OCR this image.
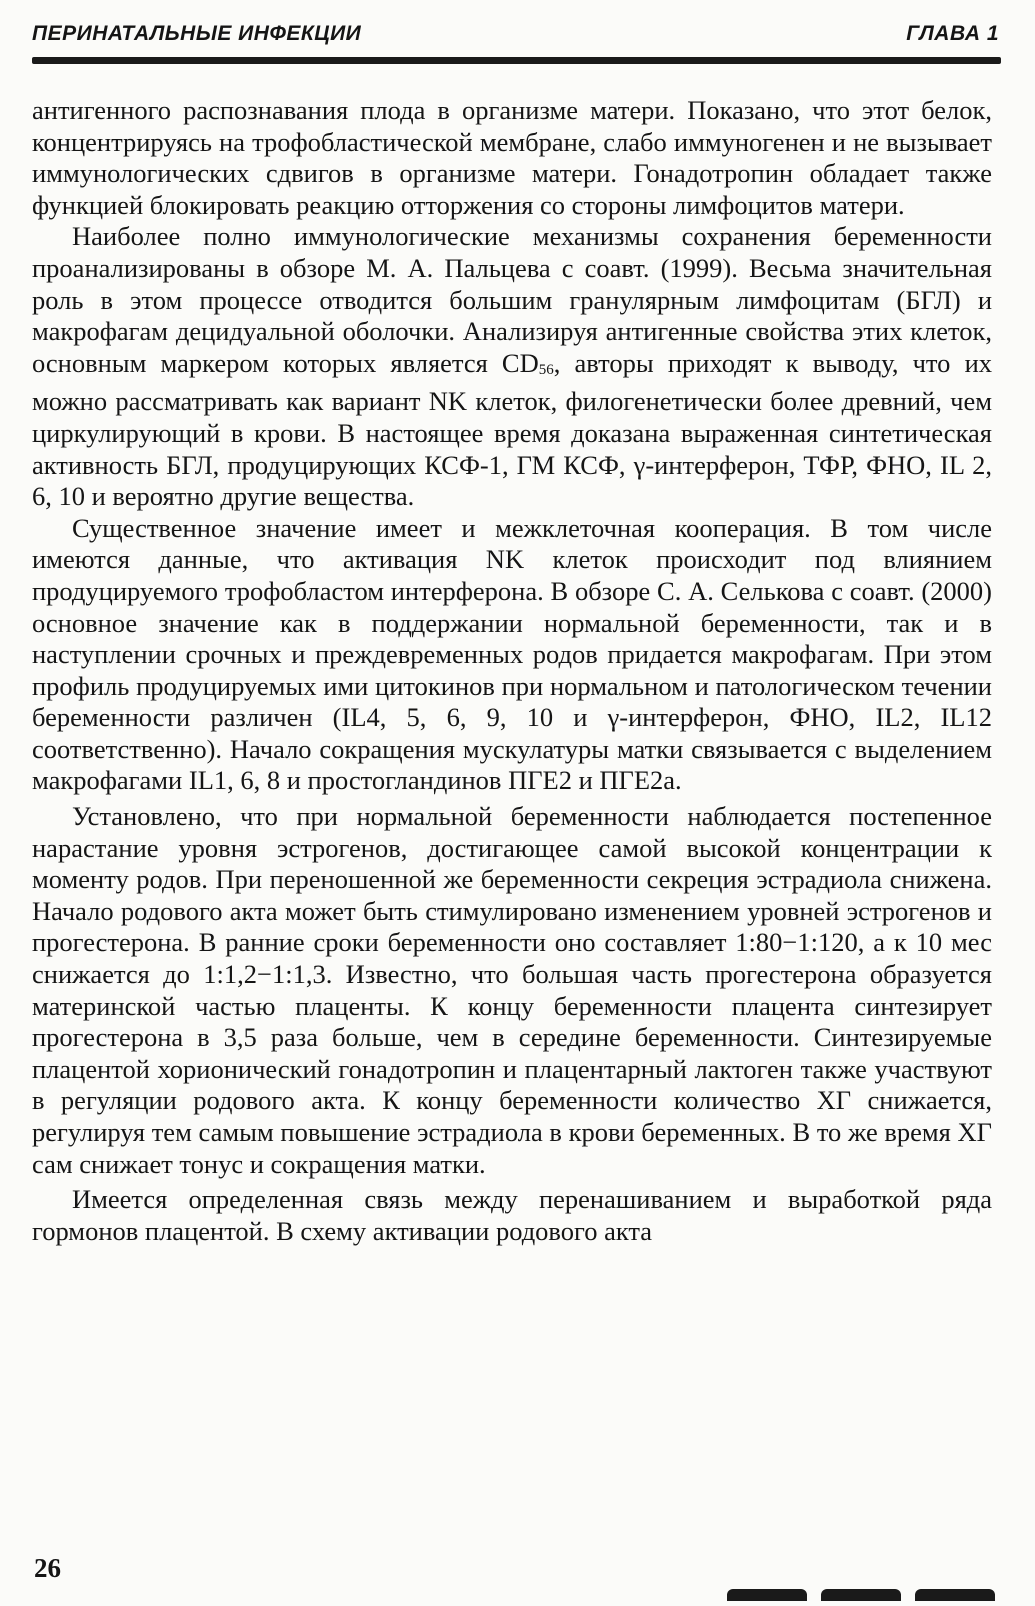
ПЕРИНАТАЛЬНЫЕ ИНФЕКЦИИ	ГЛАВА 1

антигенного распознавания плода в организме матери. Показано, что этот белок, концентрируясь на трофобластической мембране, слабо иммуногенен и не вызывает иммунологических сдвигов в организме матери. Гонадотропин обладает также функцией блокировать реакцию отторжения со стороны лимфоцитов матери.

Наиболее полно иммунологические механизмы сохранения беременности проанализированы в обзоре М. А. Пальцева с соавт. (1999). Весьма значительная роль в этом процессе отводится большим гранулярным лимфоцитам (БГЛ) и макрофагам децидуальной оболочки. Анализируя антигенные свойства этих клеток, основным маркером которых является CD56, авторы приходят к выводу, что их можно рассматривать как вариант NK клеток, филогенетически более древний, чем циркулирующий в крови. В настоящее время доказана выраженная синтетическая активность БГЛ, продуцирующих КСФ-1, ГМ КСФ, γ-интерферон, ТФР, ФНО, IL 2, 6, 10 и вероятно другие вещества.

Существенное значение имеет и межклеточная кооперация. В том числе имеются данные, что активация NK клеток происходит под влиянием продуцируемого трофобластом интерферона. В обзоре С. А. Селькова с соавт. (2000) основное значение как в поддержании нормальной беременности, так и в наступлении срочных и преждевременных родов придается макрофагам. При этом профиль продуцируемых ими цитокинов при нормальном и патологическом течении беременности различен (IL4, 5, 6, 9, 10 и γ-интерферон, ФНО, IL2, IL12 соответственно). Начало сокращения мускулатуры матки связывается с выделением макрофагами IL1, 6, 8 и простогландинов ПГЕ2 и ПГЕ2а.

Установлено, что при нормальной беременности наблюдается постепенное нарастание уровня эстрогенов, достигающее самой высокой концентрации к моменту родов. При переношенной же беременности секреция эстрадиола снижена. Начало родового акта может быть стимулировано изменением уровней эстрогенов и прогестерона. В ранние сроки беременности оно составляет 1:80−1:120, а к 10 мес снижается до 1:1,2−1:1,3. Известно, что большая часть прогестерона образуется материнской частью плаценты. К концу беременности плацента синтезирует прогестерона в 3,5 раза больше, чем в середине беременности. Синтезируемые плацентой хорионический гонадотропин и плацентарный лактоген также участвуют в регуляции родового акта. К концу беременности количество ХГ снижается, регулируя тем самым повышение эстрадиола в крови беременных. В то же время ХГ сам снижает тонус и сокращения матки.

Имеется определенная связь между перенашиванием и выработкой ряда гормонов плацентой. В схему активации родового акта

26
